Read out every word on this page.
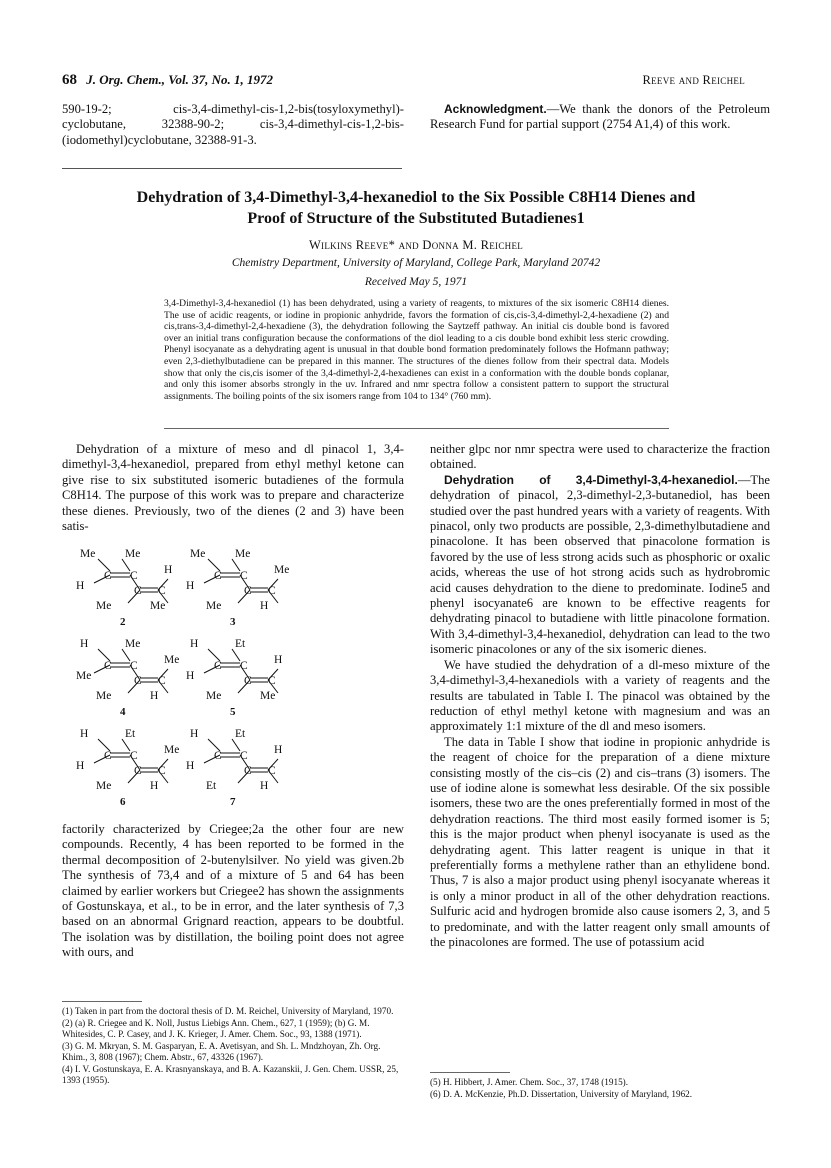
68 J. Org. Chem., Vol. 37, No. 1, 1972	Reeve and Reichel

590-19-2; cis-3,4-dimethyl-cis-1,2-bis(tosyloxymethyl)-cyclobutane, 32388-90-2; cis-3,4-dimethyl-cis-1,2-bis-(iodomethyl)cyclobutane, 32388-91-3.

Acknowledgment.—We thank the donors of the Petroleum Research Fund for partial support (2754 A1,4) of this work.

Dehydration of 3,4-Dimethyl-3,4-hexanediol to the Six Possible C8H14 Dienes and
Proof of Structure of the Substituted Butadienes1
Wilkins Reeve* and Donna M. Reichel
Chemistry Department, University of Maryland, College Park, Maryland 20742
Received May 5, 1971
3,4-Dimethyl-3,4-hexanediol (1) has been dehydrated, using a variety of reagents, to mixtures of the six isomeric C8H14 dienes. The use of acidic reagents, or iodine in propionic anhydride, favors the formation of cis,cis-3,4-dimethyl-2,4-hexadiene (2) and cis,trans-3,4-dimethyl-2,4-hexadiene (3), the dehydration following the Saytzeff pathway. An initial cis double bond is favored over an initial trans configuration because the conformations of the diol leading to a cis double bond exhibit less steric crowding. Phenyl isocyanate as a dehydrating agent is unusual in that double bond formation predominately follows the Hofmann pathway; even 2,3-diethylbutadiene can be prepared in this manner. The structures of the dienes follow from their spectral data. Models show that only the cis,cis isomer of the 3,4-dimethyl-2,4-hexadienes can exist in a conformation with the double bonds coplanar, and only this isomer absorbs strongly in the uv. Infrared and nmr spectra follow a consistent pattern to support the structural assignments. The boiling points of the six isomers range from 104 to 134° (760 mm).

Dehydration of a mixture of meso and dl pinacol 1, 3,4-dimethyl-3,4-hexanediol, prepared from ethyl methyl ketone can give rise to six substituted isomeric butadienes of the formula C8H14. The purpose of this work was to prepare and characterize these dienes. Previously, two of the dienes (2 and 3) have been satis-

Me	Me
H
H
Me	Me
C C
C C
2
Me	Me
H
Me
Me	H
C C
C C
3
H	Me
Me
Me
Me	H
C C
C C
4
H	Et
H
H
Me	Me
C C
C C
5
H	Et
H
Me
Me	H
C C
C C
6
H	Et
H
H
Et	H
C C
C C
7

factorily characterized by Criegee;2a the other four are new compounds. Recently, 4 has been reported to be formed in the thermal decomposition of 2-butenylsilver. No yield was given.2b The synthesis of 73,4 and of a mixture of 5 and 64 has been claimed by earlier workers but Criegee2 has shown the assignments of Gostunskaya, et al., to be in error, and the later synthesis of 7,3 based on an abnormal Grignard reaction, appears to be doubtful. The isolation was by distillation, the boiling point does not agree with ours, and

neither glpc nor nmr spectra were used to characterize the fraction obtained.

Dehydration of 3,4-Dimethyl-3,4-hexanediol.—The dehydration of pinacol, 2,3-dimethyl-2,3-butanediol, has been studied over the past hundred years with a variety of reagents. With pinacol, only two products are possible, 2,3-dimethylbutadiene and pinacolone. It has been observed that pinacolone formation is favored by the use of less strong acids such as phosphoric or oxalic acids, whereas the use of hot strong acids such as hydrobromic acid causes dehydration to the diene to predominate. Iodine5 and phenyl isocyanate6 are known to be effective reagents for dehydrating pinacol to butadiene with little pinacolone formation. With 3,4-dimethyl-3,4-hexanediol, dehydration can lead to the two isomeric pinacolones or any of the six isomeric dienes.

We have studied the dehydration of a dl-meso mixture of the 3,4-dimethyl-3,4-hexanediols with a variety of reagents and the results are tabulated in Table I. The pinacol was obtained by the reduction of ethyl methyl ketone with magnesium and was an approximately 1:1 mixture of the dl and meso isomers.

The data in Table I show that iodine in propionic anhydride is the reagent of choice for the preparation of a diene mixture consisting mostly of the cis–cis (2) and cis–trans (3) isomers. The use of iodine alone is somewhat less desirable. Of the six possible isomers, these two are the ones preferentially formed in most of the dehydration reactions. The third most easily formed isomer is 5; this is the major product when phenyl isocyanate is used as the dehydrating agent. This latter reagent is unique in that it preferentially forms a methylene rather than an ethylidene bond. Thus, 7 is also a major product using phenyl isocyanate whereas it is only a minor product in all of the other dehydration reactions. Sulfuric acid and hydrogen bromide also cause isomers 2, 3, and 5 to predominate, and with the latter reagent only small amounts of the pinacolones are formed. The use of potassium acid

(1) Taken in part from the doctoral thesis of D. M. Reichel, University of Maryland, 1970.

(2) (a) R. Criegee and K. Noll, Justus Liebigs Ann. Chem., 627, 1 (1959); (b) G. M. Whitesides, C. P. Casey, and J. K. Krieger, J. Amer. Chem. Soc., 93, 1388 (1971).

(3) G. M. Mkryan, S. M. Gasparyan, E. A. Avetisyan, and Sh. L. Mndzhoyan, Zh. Org. Khim., 3, 808 (1967); Chem. Abstr., 67, 43326 (1967).

(4) I. V. Gostunskaya, E. A. Krasnyanskaya, and B. A. Kazanskii, J. Gen. Chem. USSR, 25, 1393 (1955).	(5) H. Hibbert, J. Amer. Chem. Soc., 37, 1748 (1915).

(6) D. A. McKenzie, Ph.D. Dissertation, University of Maryland, 1962.
